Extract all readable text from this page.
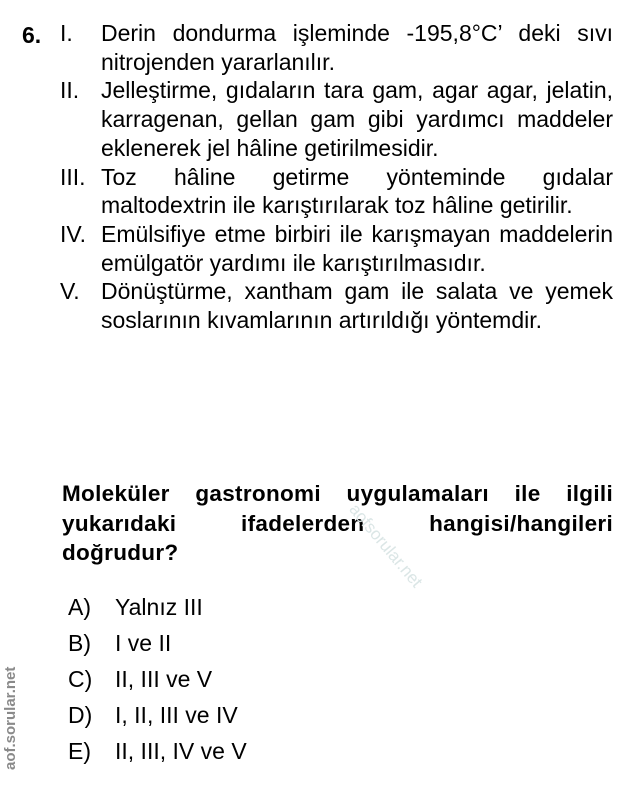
6. I.	Derin dondurma işleminde -195,8°C’ deki sıvı nitrojenden yararlanılır.
II. Jelleştirme, gıdaların tara gam, agar agar, jelatin, karragenan, gellan gam gibi yardımcı maddeler eklenerek jel hâline getirilmesidir.
III. Toz hâline getirme yönteminde gıdalar maltodextrin ile karıştırılarak toz hâline getirilir.
IV. Emülsifiye etme birbiri ile karışmayan maddelerin emülgatör yardımı ile karıştırılmasıdır.
V. Dönüştürme, xantham gam ile salata ve yemek soslarının kıvamlarının artırıldığı yöntemdir.
Moleküler gastronomi uygulamaları ile ilgili yukarıdaki ifadelerden hangisi/hangileri doğrudur?
A)	Yalnız III
B)	I ve II
C) II, III ve V
D) I, II, III ve IV
E)	II, III, IV ve V
aofsorular.net
aof.sorular.net
